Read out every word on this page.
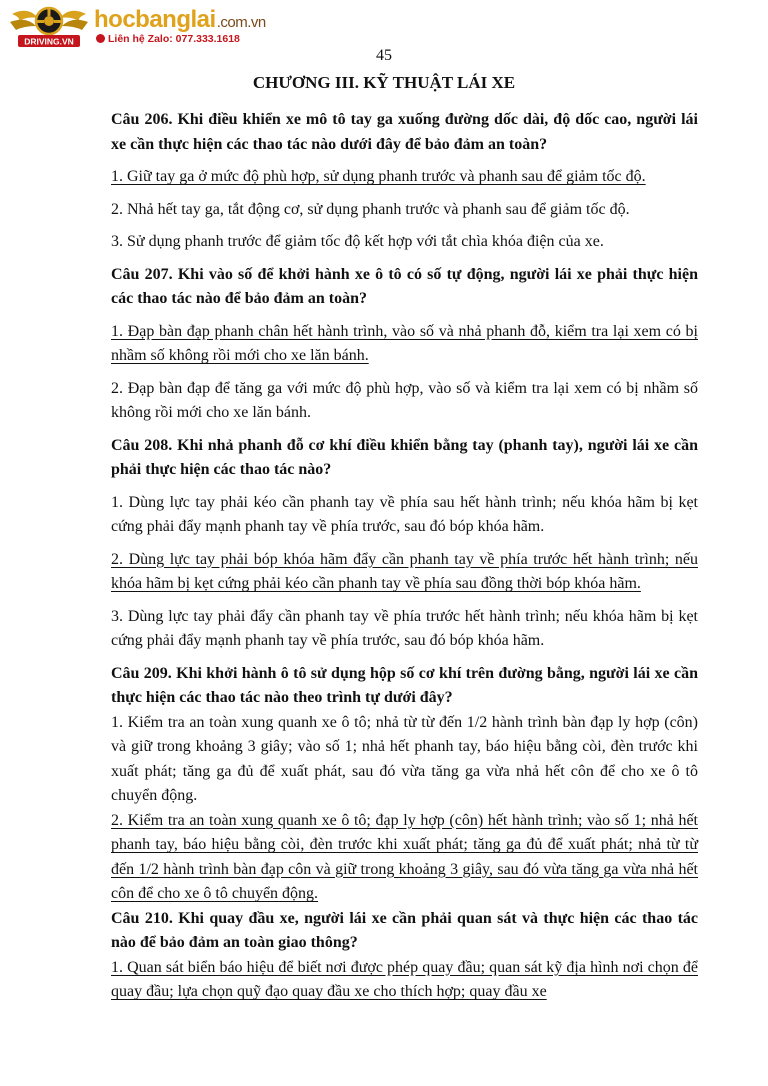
DRIVING.VN
hocbanglai.com.vn
Liên hệ Zalo: 077.333.1618
45
CHƯƠNG III. KỸ THUẬT LÁI XE

Câu 206. Khi điều khiển xe mô tô tay ga xuống đường dốc dài, độ dốc cao, người lái xe cần thực hiện các thao tác nào dưới đây để bảo đảm an toàn?

1. Giữ tay ga ở mức độ phù hợp, sử dụng phanh trước và phanh sau để giảm tốc độ.

2. Nhả hết tay ga, tắt động cơ, sử dụng phanh trước và phanh sau để giảm tốc độ.

3. Sử dụng phanh trước để giảm tốc độ kết hợp với tắt chìa khóa điện của xe.

Câu 207. Khi vào số để khởi hành xe ô tô có số tự động, người lái xe phải thực hiện các thao tác nào để bảo đảm an toàn?

1. Đạp bàn đạp phanh chân hết hành trình, vào số và nhả phanh đỗ, kiểm tra lại xem có bị nhầm số không rồi mới cho xe lăn bánh.

2. Đạp bàn đạp để tăng ga với mức độ phù hợp, vào số và kiểm tra lại xem có bị nhầm số không rồi mới cho xe lăn bánh.

Câu 208. Khi nhả phanh đỗ cơ khí điều khiển bằng tay (phanh tay), người lái xe cần phải thực hiện các thao tác nào?

1. Dùng lực tay phải kéo cần phanh tay về phía sau hết hành trình; nếu khóa hãm bị kẹt cứng phải đẩy mạnh phanh tay về phía trước, sau đó bóp khóa hãm.

2. Dùng lực tay phải bóp khóa hãm đẩy cần phanh tay về phía trước hết hành trình; nếu khóa hãm bị kẹt cứng phải kéo cần phanh tay về phía sau đồng thời bóp khóa hãm.

3. Dùng lực tay phải đẩy cần phanh tay về phía trước hết hành trình; nếu khóa hãm bị kẹt cứng phải đẩy mạnh phanh tay về phía trước, sau đó bóp khóa hãm.

Câu 209. Khi khởi hành ô tô sử dụng hộp số cơ khí trên đường bằng, người lái xe cần thực hiện các thao tác nào theo trình tự dưới đây?

1. Kiểm tra an toàn xung quanh xe ô tô; nhả từ từ đến 1/2 hành trình bàn đạp ly hợp (côn) và giữ trong khoảng 3 giây; vào số 1; nhả hết phanh tay, báo hiệu bằng còi, đèn trước khi xuất phát; tăng ga đủ để xuất phát, sau đó vừa tăng ga vừa nhả hết côn để cho xe ô tô chuyển động.

2. Kiểm tra an toàn xung quanh xe ô tô; đạp ly hợp (côn) hết hành trình; vào số 1; nhả hết phanh tay, báo hiệu bằng còi, đèn trước khi xuất phát; tăng ga đủ để xuất phát; nhả từ từ đến 1/2 hành trình bàn đạp côn và giữ trong khoảng 3 giây, sau đó vừa tăng ga vừa nhả hết côn để cho xe ô tô chuyển động.

Câu 210. Khi quay đầu xe, người lái xe cần phải quan sát và thực hiện các thao tác nào để bảo đảm an toàn giao thông?

1. Quan sát biển báo hiệu để biết nơi được phép quay đầu; quan sát kỹ địa hình nơi chọn để quay đầu; lựa chọn quỹ đạo quay đầu xe cho thích hợp; quay đầu xe
